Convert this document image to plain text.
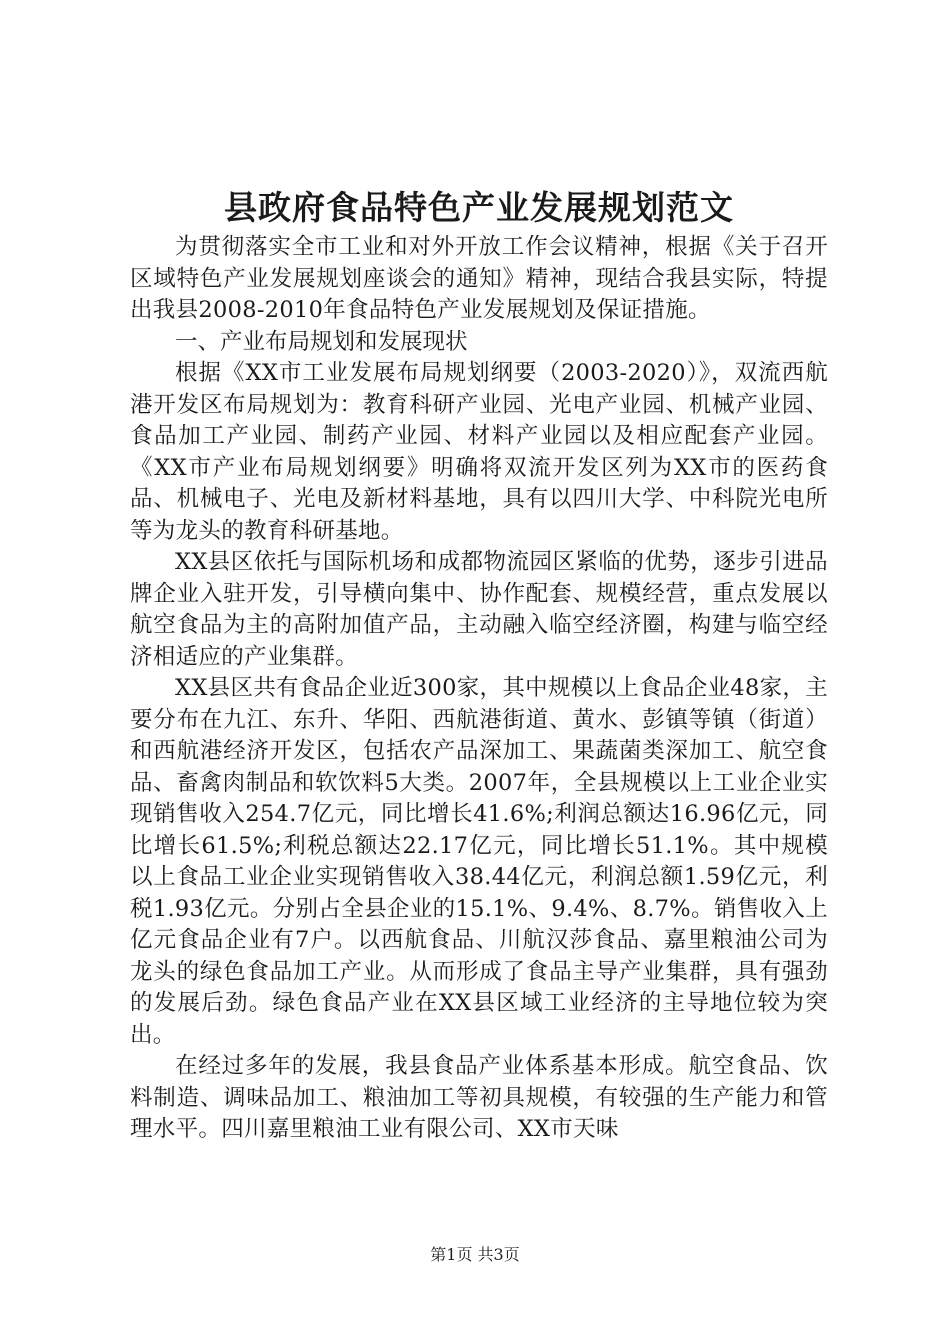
县政府食品特色产业发展规划范文

为贯彻落实全市工业和对外开放工作会议精神，根据《关于召开区域特色产业发展规划座谈会的通知》精神，现结合我县实际，特提出我县2008-2010年食品特色产业发展规划及保证措施。

一、产业布局规划和发展现状

根据《XX市工业发展布局规划纲要（2003-2020）》，双流西航港开发区布局规划为：教育科研产业园、光电产业园、机械产业园、食品加工产业园、制药产业园、材料产业园以及相应配套产业园。《XX市产业布局规划纲要》明确将双流开发区列为XX市的医药食品、机械电子、光电及新材料基地，具有以四川大学、中科院光电所等为龙头的教育科研基地。

XX县区依托与国际机场和成都物流园区紧临的优势，逐步引进品牌企业入驻开发，引导横向集中、协作配套、规模经营，重点发展以航空食品为主的高附加值产品，主动融入临空经济圈，构建与临空经济相适应的产业集群。

XX县区共有食品企业近300家，其中规模以上食品企业48家，主要分布在九江、东升、华阳、西航港街道、黄水、彭镇等镇（街道）和西航港经济开发区，包括农产品深加工、果蔬菌类深加工、航空食品、畜禽肉制品和软饮料5大类。2007年，全县规模以上工业企业实现销售收入254.7亿元，同比增长41.6%;利润总额达16.96亿元，同比增长61.5%;利税总额达22.17亿元，同比增长51.1%。其中规模以上食品工业企业实现销售收入38.44亿元，利润总额1.59亿元，利税1.93亿元。分别占全县企业的15.1%、9.4%、8.7%。销售收入上亿元食品企业有7户。以西航食品、川航汉莎食品、嘉里粮油公司为龙头的绿色食品加工产业。从而形成了食品主导产业集群，具有强劲的发展后劲。绿色食品产业在XX县区域工业经济的主导地位较为突出。

在经过多年的发展，我县食品产业体系基本形成。航空食品、饮料制造、调味品加工、粮油加工等初具规模，有较强的生产能力和管理水平。四川嘉里粮油工业有限公司、XX市天味

第1页 共3页
